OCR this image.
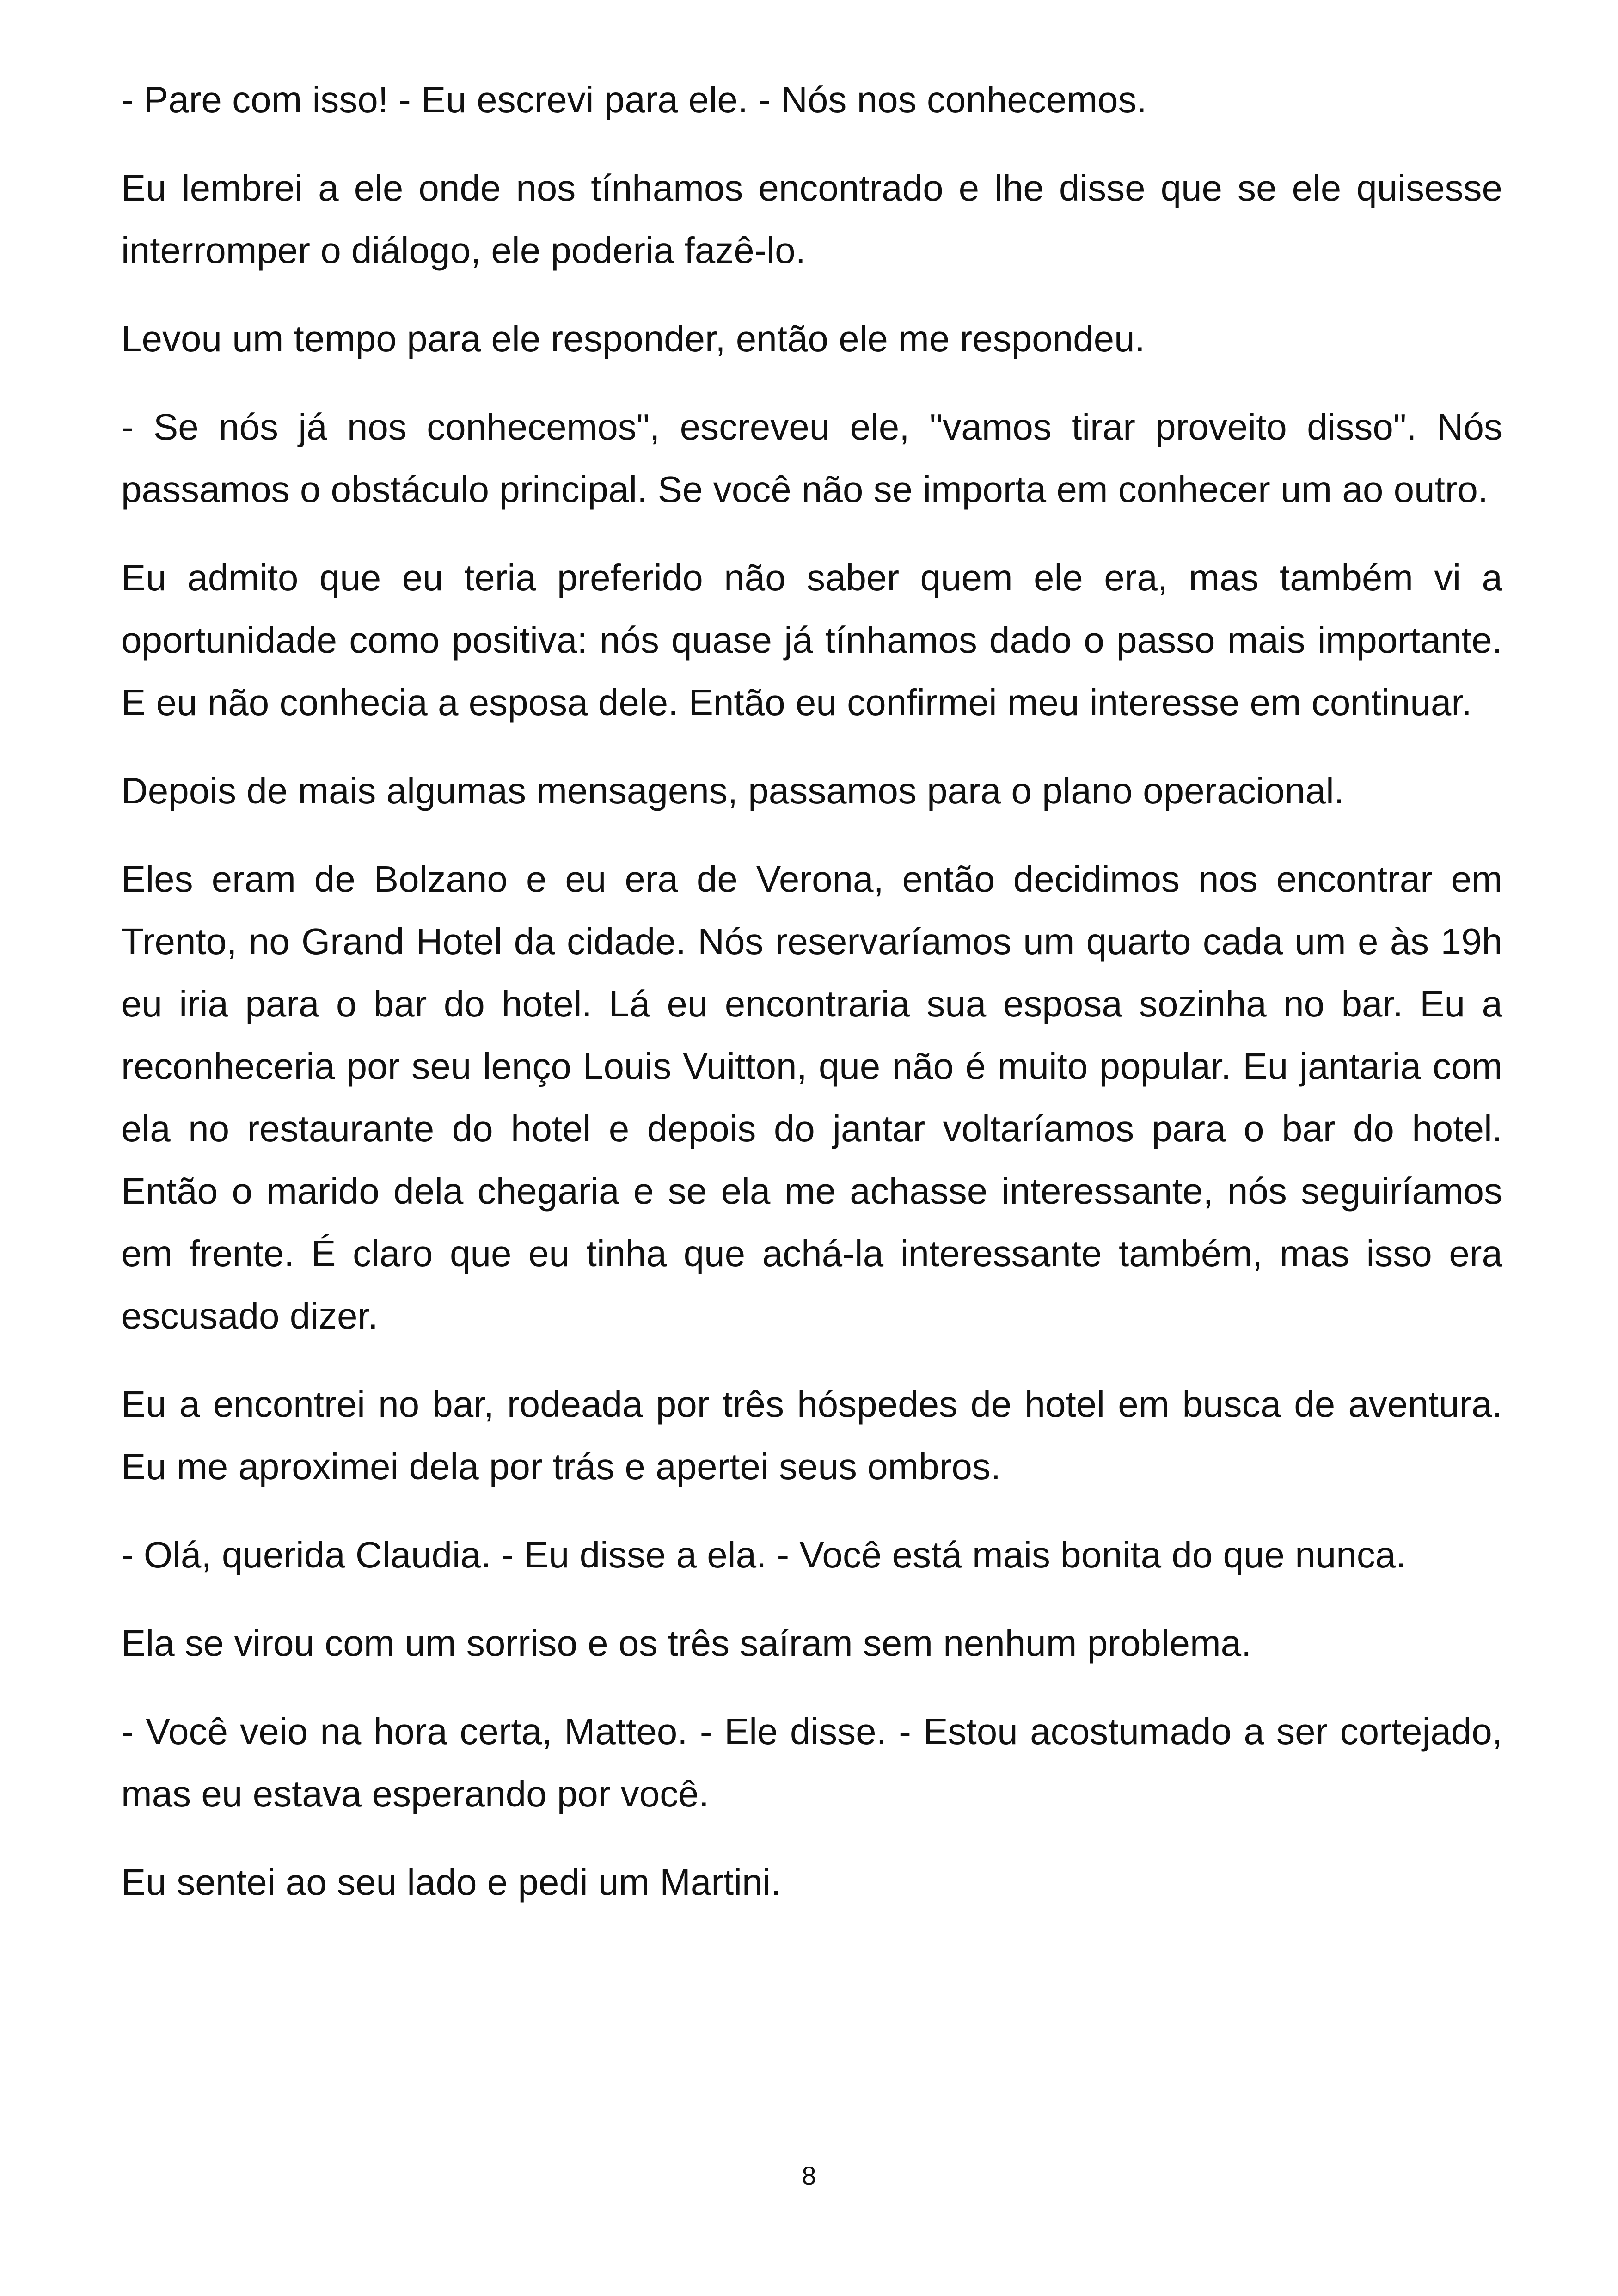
- Pare com isso! - Eu escrevi para ele. - Nós nos conhecemos.

Eu lembrei a ele onde nos tínhamos encontrado e lhe disse que se ele quisesse interromper o diálogo, ele poderia fazê-lo.

Levou um tempo para ele responder, então ele me respondeu.

- Se nós já nos conhecemos", escreveu ele, "vamos tirar proveito disso". Nós passamos o obstáculo principal. Se você não se importa em conhecer um ao outro.

Eu admito que eu teria preferido não saber quem ele era, mas também vi a oportunidade como positiva: nós quase já tínhamos dado o passo mais importante. E eu não conhecia a esposa dele. Então eu confirmei meu interesse em continuar.

Depois de mais algumas mensagens, passamos para o plano operacional.

Eles eram de Bolzano e eu era de Verona, então decidimos nos encontrar em Trento, no Grand Hotel da cidade. Nós reservaríamos um quarto cada um e às 19h eu iria para o bar do hotel. Lá eu encontraria sua esposa sozinha no bar. Eu a reconheceria por seu lenço Louis Vuitton, que não é muito popular. Eu jantaria com ela no restaurante do hotel e depois do jantar voltaríamos para o bar do hotel. Então o marido dela chegaria e se ela me achasse interessante, nós seguiríamos em frente. É claro que eu tinha que achá-la interessante também, mas isso era escusado dizer.

Eu a encontrei no bar, rodeada por três hóspedes de hotel em busca de aventura. Eu me aproximei dela por trás e apertei seus ombros.

- Olá, querida Claudia. - Eu disse a ela. - Você está mais bonita do que nunca.

Ela se virou com um sorriso e os três saíram sem nenhum problema.

- Você veio na hora certa, Matteo. - Ele disse. - Estou acostumado a ser cortejado, mas eu estava esperando por você.

Eu sentei ao seu lado e pedi um Martini.

8
